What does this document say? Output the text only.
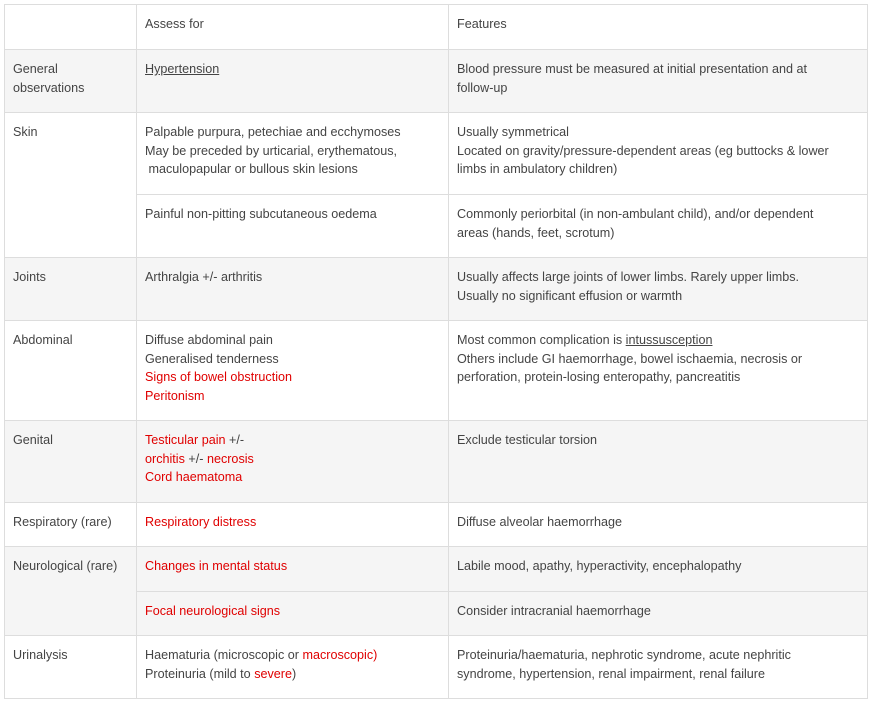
	Assess for	Features

General observations	Hypertension	Blood pressure must be measured at initial presentation and at
follow-up

Skin	Palpable purpura, petechiae and ecchymoses
May be preceded by urticarial, erythematous,
maculopapular or bullous skin lesions	Usually symmetrical
Located on gravity/pressure-dependent areas (eg buttocks & lower
limbs in ambulatory children)

	Painful non-pitting subcutaneous oedema	Commonly periorbital (in non-ambulant child), and/or dependent
areas (hands, feet, scrotum)

Joints	Arthralgia +/- arthritis	Usually affects large joints of lower limbs. Rarely upper limbs.
Usually no significant effusion or warmth

Abdominal	Diffuse abdominal pain
Generalised tenderness
Signs of bowel obstruction
Peritonism	Most common complication is intussusception
Others include GI haemorrhage, bowel ischaemia, necrosis or
perforation, protein-losing enteropathy, pancreatitis

Genital	Testicular pain +/-
orchitis +/- necrosis
Cord haematoma	Exclude testicular torsion

Respiratory (rare)	Respiratory distress	Diffuse alveolar haemorrhage

Neurological (rare)	Changes in mental status	Labile mood, apathy, hyperactivity, encephalopathy

	Focal neurological signs	Consider intracranial haemorrhage

Urinalysis	Haematuria (microscopic or macroscopic)
Proteinuria (mild to severe)	Proteinuria/haematuria, nephrotic syndrome, acute nephritic
syndrome, hypertension, renal impairment, renal failure
